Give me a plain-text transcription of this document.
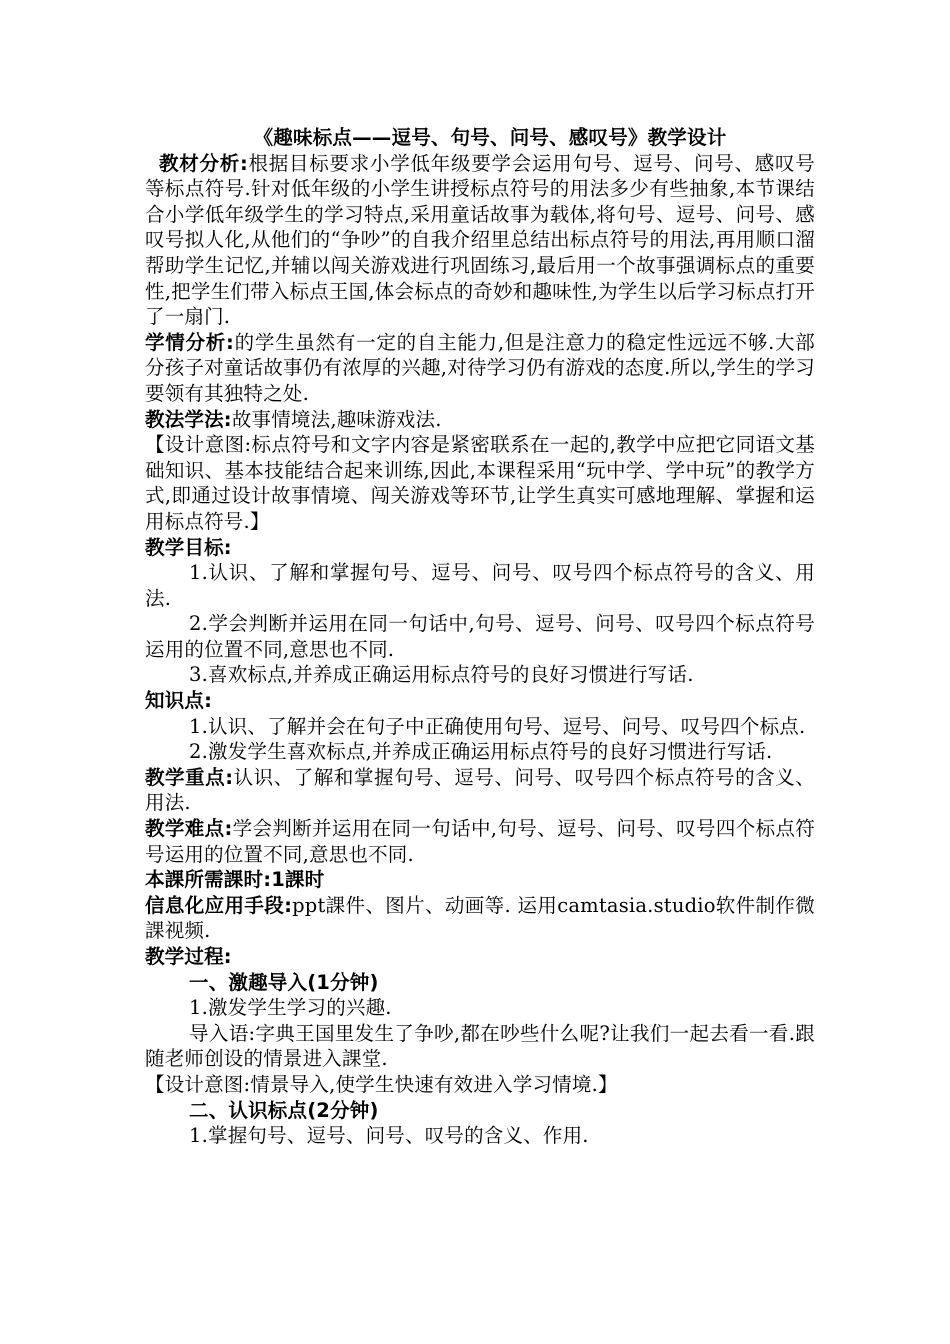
《趣味标点——逗号、句号、问号、感叹号》教学设计

教材分析:根据目标要求小学低年级要学会运用句号、逗号、问号、感叹号等标点符号.针对低年级的小学生讲授标点符号的用法多少有些抽象,本节课结合小学低年级学生的学习特点,采用童话故事为载体,将句号、逗号、问号、感叹号拟人化,从他们的“争吵”的自我介绍里总结出标点符号的用法,再用顺口溜帮助学生记忆,并辅以闯关游戏进行巩固练习,最后用一个故事强调标点的重要性,把学生们带入标点王国,体会标点的奇妙和趣味性,为学生以后学习标点打开了一扇门.

学情分析:的学生虽然有一定的自主能力,但是注意力的稳定性远远不够.大部分孩子对童话故事仍有浓厚的兴趣,对待学习仍有游戏的态度.所以,学生的学习要领有其独特之处.

教法学法:故事情境法,趣味游戏法.

【设计意图:标点符号和文字内容是紧密联系在一起的,教学中应把它同语文基础知识、基本技能结合起来训练,因此,本课程采用“玩中学、学中玩”的教学方式,即通过设计故事情境、闯关游戏等环节,让学生真实可感地理解、掌握和运用标点符号.】

教学目标:

1.认识、了解和掌握句号、逗号、问号、叹号四个标点符号的含义、用法.

2.学会判断并运用在同一句话中,句号、逗号、问号、叹号四个标点符号运用的位置不同,意思也不同.

3.喜欢标点,并养成正确运用标点符号的良好习惯进行写话.

知识点:

1.认识、了解并会在句子中正确使用句号、逗号、问号、叹号四个标点.

2.激发学生喜欢标点,并养成正确运用标点符号的良好习惯进行写话.

教学重点:认识、了解和掌握句号、逗号、问号、叹号四个标点符号的含义、用法.

教学难点:学会判断并运用在同一句话中,句号、逗号、问号、叹号四个标点符号运用的位置不同,意思也不同.

本課所需課时:1課时

信息化应用手段:ppt課件、图片、动画等. 运用camtasia.studio软件制作微課视频.

教学过程:

一、激趣导入(1分钟)

1.激发学生学习的兴趣.

导入语:字典王国里发生了争吵,都在吵些什么呢?让我们一起去看一看.跟随老师创设的情景进入課堂.

【设计意图:情景导入,使学生快速有效进入学习情境.】

二、认识标点(2分钟)

1.掌握句号、逗号、问号、叹号的含义、作用.
